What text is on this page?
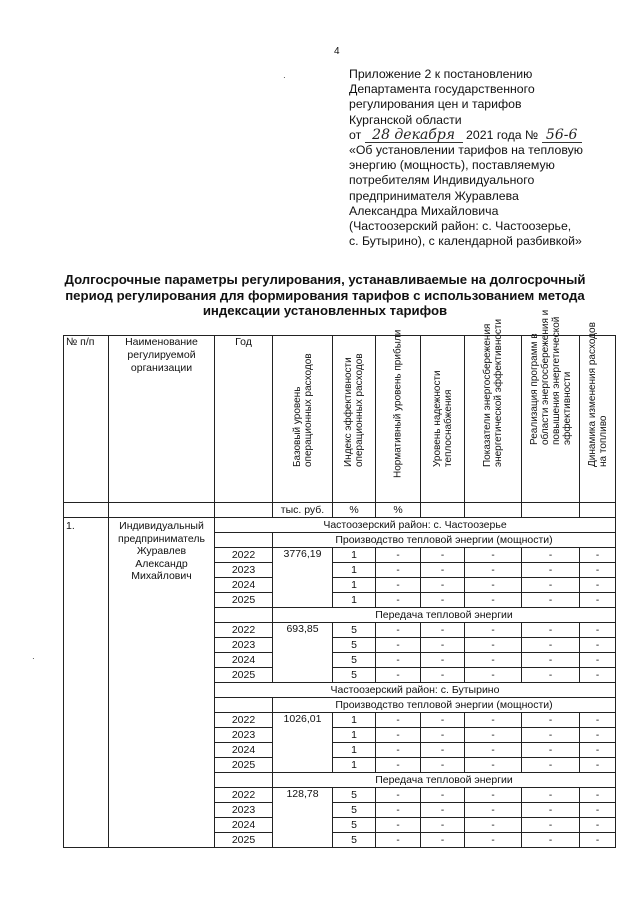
4
·
·
Приложение 2 к постановлению
Департамента государственного
регулирования цен и тарифов
Курганской области
от 28 декабря 2021 года № 56-6
«Об установлении тарифов на тепловую
энергию (мощность), поставляемую
потребителям Индивидуального
предпринимателя Журавлева
Александра Михайловича
(Частоозерский район: с. Частоозерье,
с. Бутырино), с календарной разбивкой»
Долгосрочные параметры регулирования, устанавливаемые на долгосрочный
период регулирования для формирования тарифов с использованием метода
индексации установленных тарифов
№ п/п	Наименование регулируемой организации	Год	Базовый уровень операционных расходов	Индекс эффективности операционных расходов	Нормативный уровень прибыли	Уровень надежности теплоснабжения	Показатели энергосбережения энергетической эффективности	Реализация программ в области энергосбережения и повышения энергетической эффективности	Динамика изменения расходов на топливо

			тыс. руб.	%	%				
1.	Индивидуальный предприниматель Журавлев Александр Михайлович	Частоозерский район: с. Частоозерье							
			Производство тепловой энергии (мощности)						
		2022	3776,19	1	-	-	-	-	-
		2023		1	-	-	-	-	-
		2024		1	-	-	-	-	-
		2025		1	-	-	-	-	-
			Передача тепловой энергии						
		2022	693,85	5	-	-	-	-	-
		2023		5	-	-	-	-	-
		2024		5	-	-	-	-	-
		2025		5	-	-	-	-	-
		Частоозерский район: с. Бутырино							
			Производство тепловой энергии (мощности)						
		2022	1026,01	1	-	-	-	-	-
		2023		1	-	-	-	-	-
		2024		1	-	-	-	-	-
		2025		1	-	-	-	-	-
			Передача тепловой энергии						
		2022	128,78	5	-	-	-	-	-
		2023		5	-	-	-	-	-
		2024		5	-	-	-	-	-
		2025		5	-	-	-	-	-
